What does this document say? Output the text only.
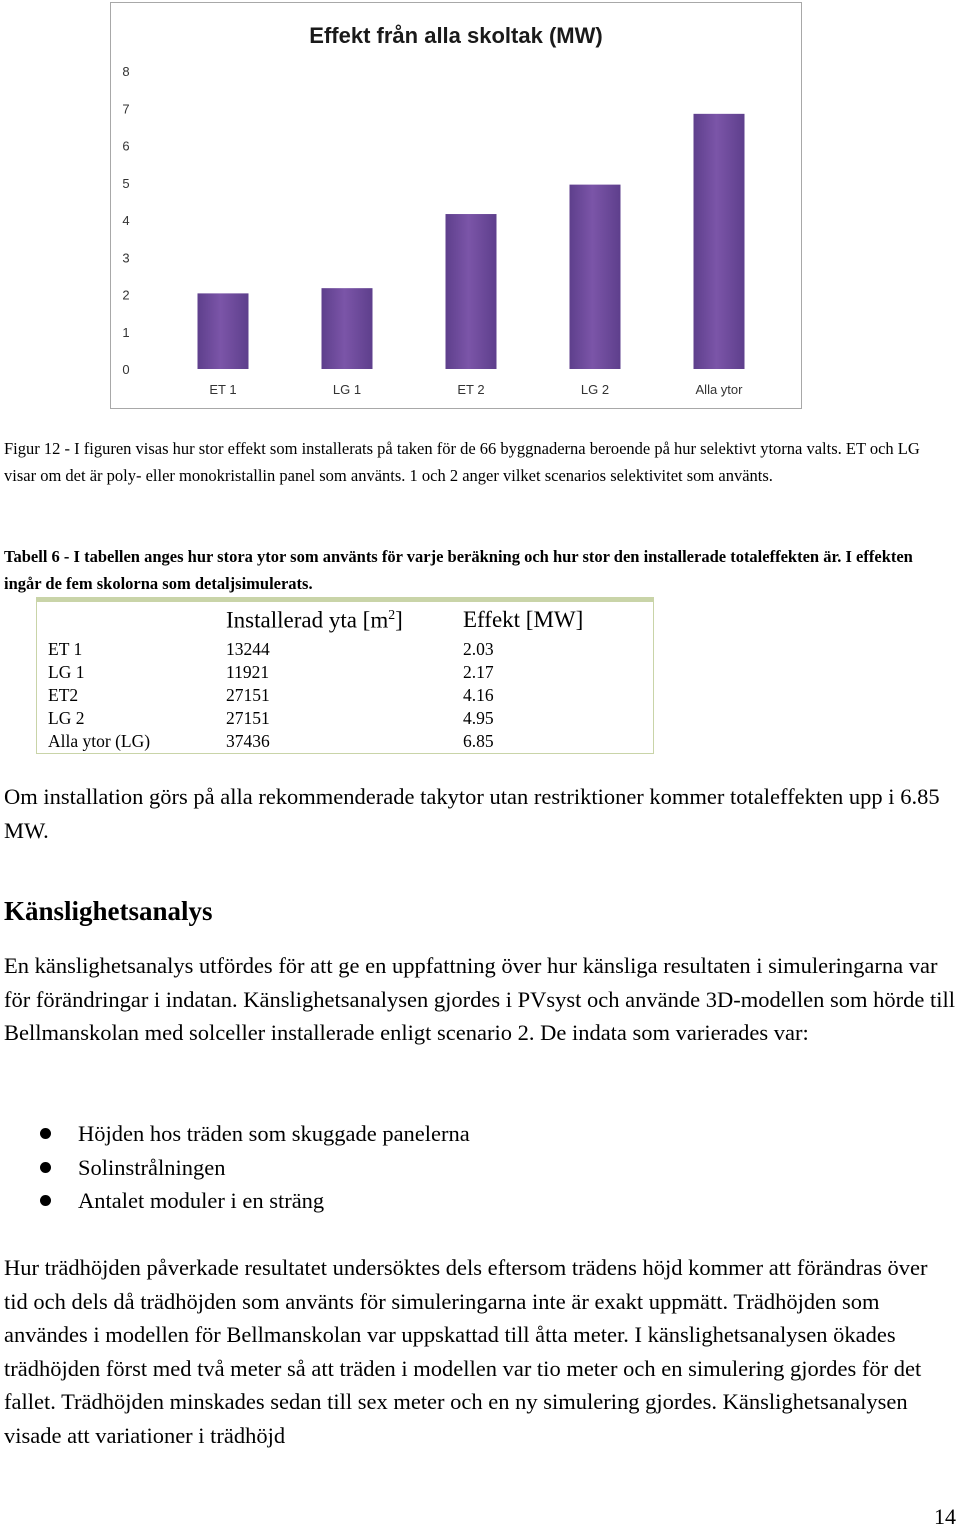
Effekt från alla skoltak (MW)
0
1
2
3
4
5
6
7
8
ET 1	LG 1	ET 2	LG 2	Alla ytor
Figur 12 - I figuren visas hur stor effekt som installerats på taken för de 66 byggnaderna beroende på hur selektivt ytorna valts. ET och LG visar om det är poly- eller monokristallin panel som använts. 1 och 2 anger vilket scenarios selektivitet som använts.
Tabell 6 - I tabellen anges hur stora ytor som använts för varje beräkning och hur stor den installerade totaleffekten är. I effekten ingår de fem skolorna som detaljsimulerats.
	Installerad yta $[m^2]$	Effekt [MW]
ET 1	13244	2.03
LG 1	11921	2.17
ET2	27151	4.16
LG 2	27151	4.95
Alla ytor (LG)	37436	6.85
Om installation görs på alla rekommenderade takytor utan restriktioner kommer totaleffekten upp i 6.85 MW.
Känslighetsanalys
En känslighetsanalys utfördes för att ge en uppfattning över hur känsliga resultaten i simuleringarna var för förändringar i indatan. Känslighetsanalysen gjordes i PVsyst och använde 3D-modellen som hörde till Bellmanskolan med solceller installerade enligt scenario 2. De indata som varierades var:
Höjden hos träden som skuggade panelerna
Solinstrålningen
Antalet moduler i en sträng
Hur trädhöjden påverkade resultatet undersöktes dels eftersom trädens höjd kommer att förändras över tid och dels då trädhöjden som använts för simuleringarna inte är exakt uppmätt. Trädhöjden som användes i modellen för Bellmanskolan var uppskattad till åtta meter. I känslighetsanalysen ökades trädhöjden först med två meter så att träden i modellen var tio meter och en simulering gjordes för det fallet. Trädhöjden minskades sedan till sex meter och en ny simulering gjordes. Känslighetsanalysen visade att variationer i trädhöjd
14
